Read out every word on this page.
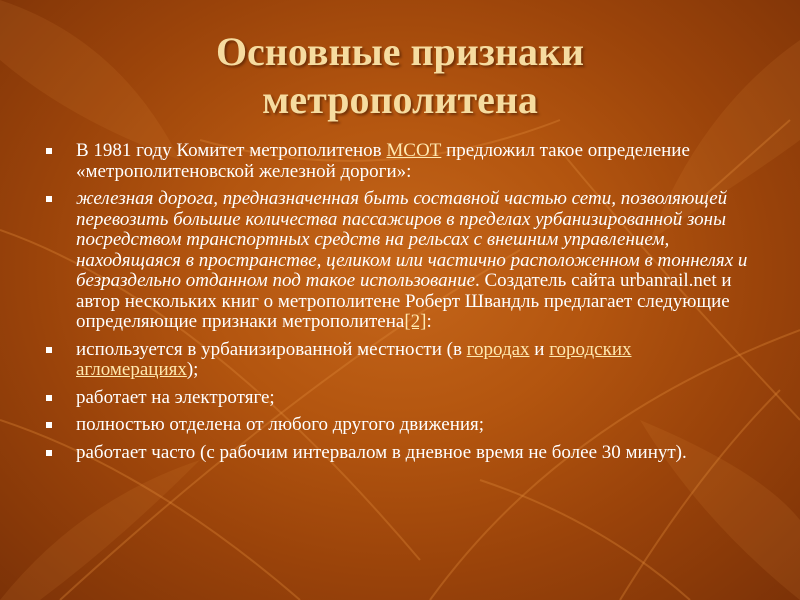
Основные признаки
метрополитена
В 1981 году Комитет метрополитенов МСОТ предложил такое определение «метрополитеновской железной дороги»:
железная дорога, предназначенная быть составной частью сети, позволяющей перевозить большие количества пассажиров в пределах урбанизированной зоны посредством транспортных средств на рельсах с внешним управлением, находящаяся в пространстве, целиком или частично расположенном в тоннелях и безраздельно отданном под такое использование. Создатель сайта urbanrail.net и автор нескольких книг о метрополитене Роберт Швандль предлагает следующие определяющие признаки метрополитена[2]:
используется в урбанизированной местности (в городах и городских агломерациях);
работает на электротяге;
полностью отделена от любого другого движения;
работает часто (с рабочим интервалом в дневное время не более 30 минут).
